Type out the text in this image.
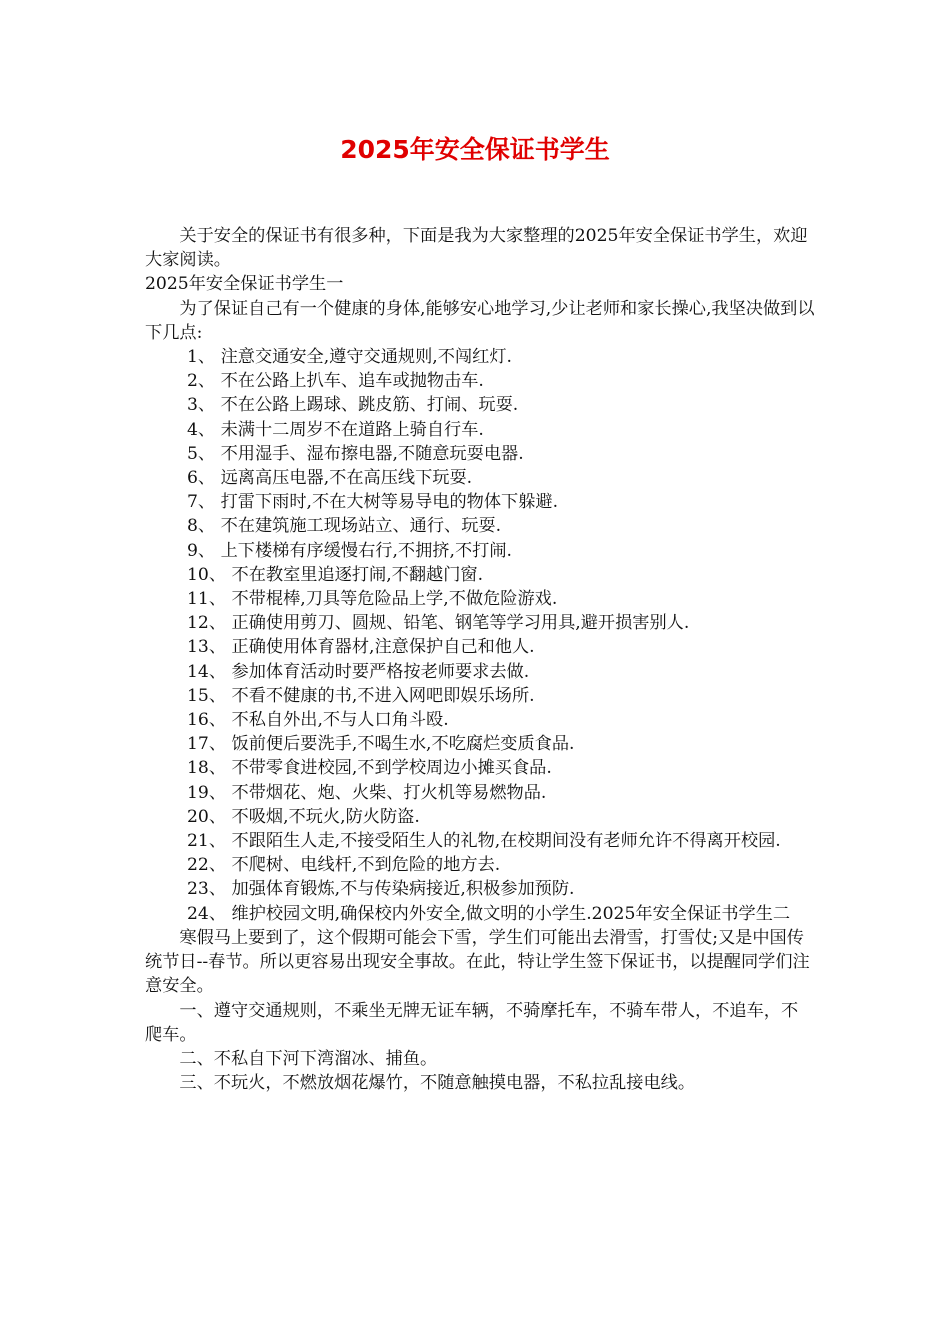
2025年安全保证书学生

关于安全的保证书有很多种，下面是我为大家整理的2025年安全保证书学生，欢迎大家阅读。

2025年安全保证书学生一

为了保证自己有一个健康的身体,能够安心地学习,少让老师和家长操心,我坚决做到以下几点:

1、 注意交通安全,遵守交通规则,不闯红灯.

2、 不在公路上扒车、追车或抛物击车.

3、 不在公路上踢球、跳皮筋、打闹、玩耍.

4、 未满十二周岁不在道路上骑自行车.

5、 不用湿手、湿布擦电器,不随意玩耍电器.

6、 远离高压电器,不在高压线下玩耍.

7、 打雷下雨时,不在大树等易导电的物体下躲避.

8、 不在建筑施工现场站立、通行、玩耍.

9、 上下楼梯有序缓慢右行,不拥挤,不打闹.

10、 不在教室里追逐打闹,不翻越门窗.

11、 不带棍棒,刀具等危险品上学,不做危险游戏.

12、 正确使用剪刀、圆规、铅笔、钢笔等学习用具,避开损害别人.

13、 正确使用体育器材,注意保护自己和他人.

14、 参加体育活动时要严格按老师要求去做.

15、 不看不健康的书,不进入网吧即娱乐场所.

16、 不私自外出,不与人口角斗殴.

17、 饭前便后要洗手,不喝生水,不吃腐烂变质食品.

18、 不带零食进校园,不到学校周边小摊买食品.

19、 不带烟花、炮、火柴、打火机等易燃物品.

20、 不吸烟,不玩火,防火防盗.

21、 不跟陌生人走,不接受陌生人的礼物,在校期间没有老师允许不得离开校园.

22、 不爬树、电线杆,不到危险的地方去.

23、 加强体育锻炼,不与传染病接近,积极参加预防.

24、 维护校园文明,确保校内外安全,做文明的小学生.2025年安全保证书学生二

寒假马上要到了，这个假期可能会下雪，学生们可能出去滑雪，打雪仗;又是中国传统节日--春节。所以更容易出现安全事故。在此，特让学生签下保证书，以提醒同学们注意安全。

一、遵守交通规则，不乘坐无牌无证车辆，不骑摩托车，不骑车带人，不追车，不爬车。

二、不私自下河下湾溜冰、捕鱼。

三、不玩火，不燃放烟花爆竹，不随意触摸电器，不私拉乱接电线。
